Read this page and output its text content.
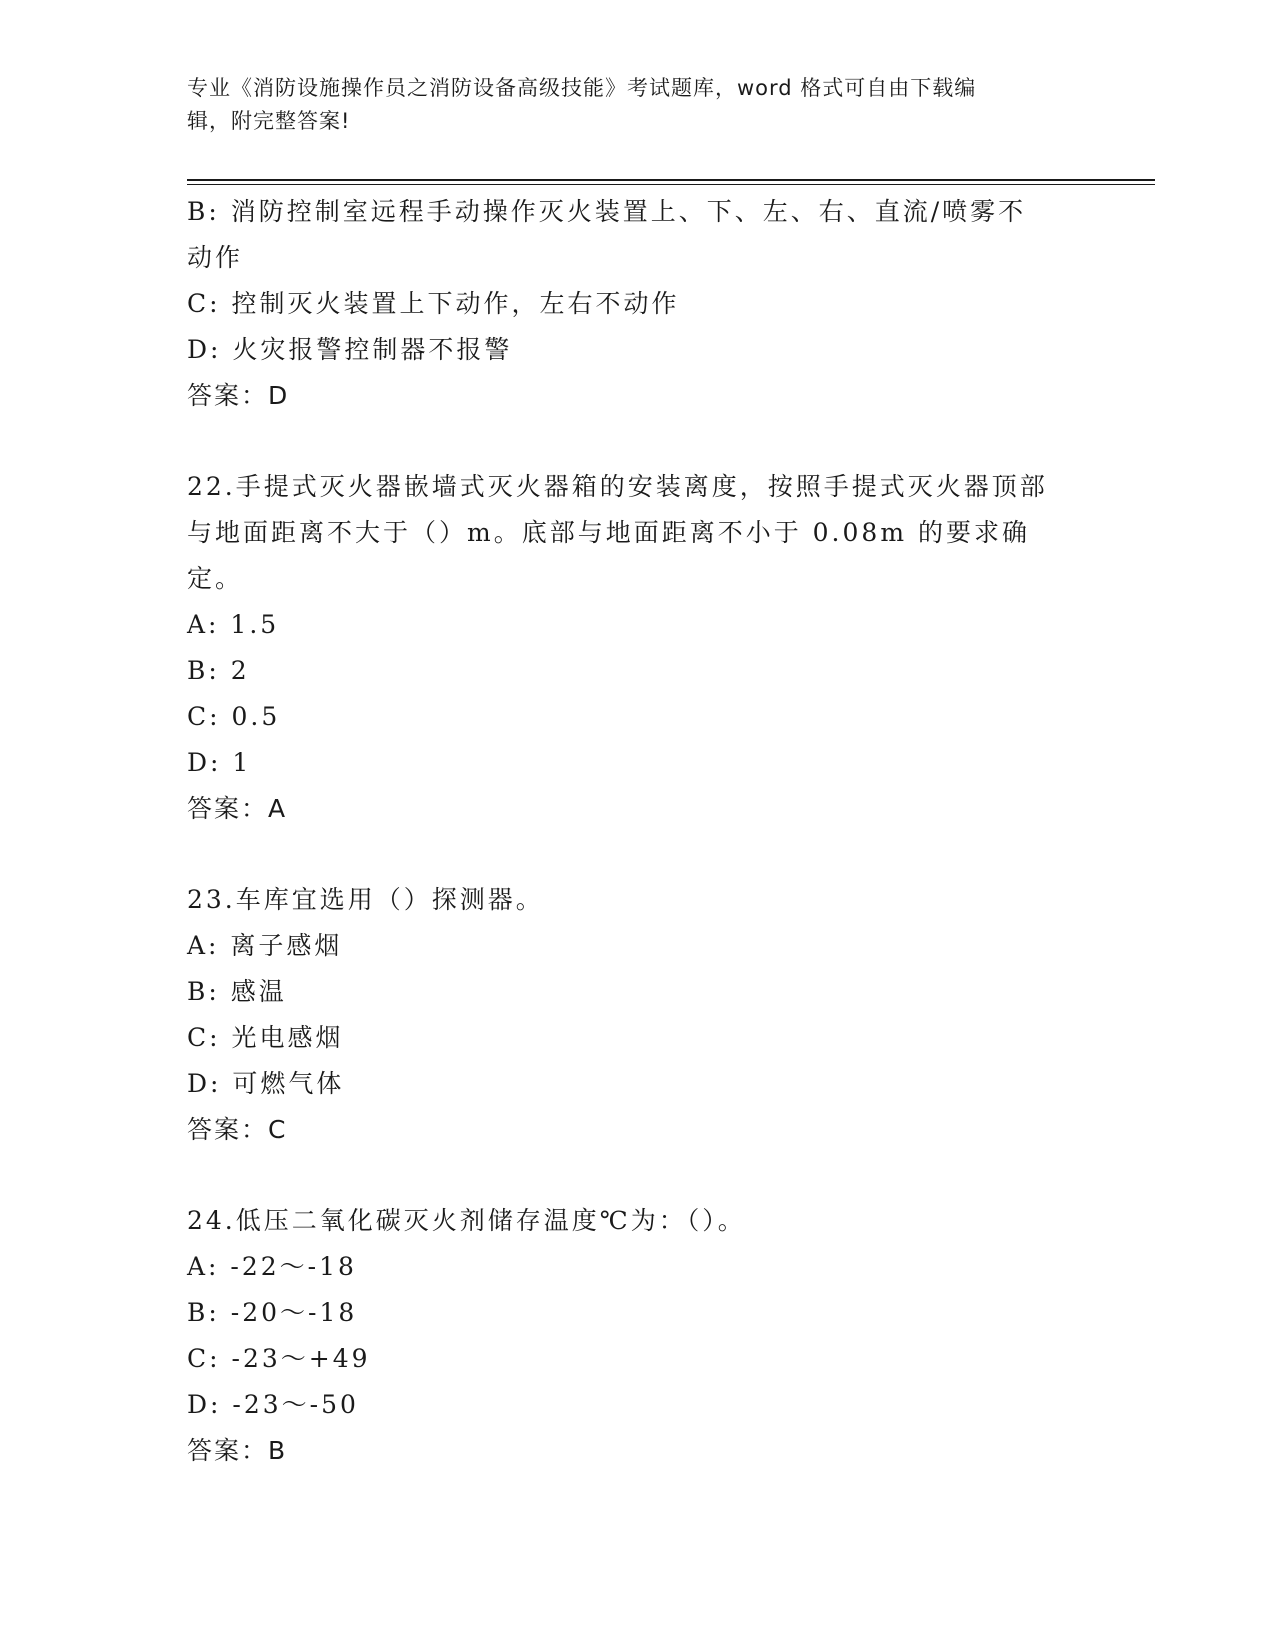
专业《消防设施操作员之消防设备高级技能》考试题库，word 格式可自由下载编
辑，附完整答案!

B: 消防控制室远程手动操作灭火装置上、下、左、右、直流/喷雾不

动作

C: 控制灭火装置上下动作，左右不动作

D: 火灾报警控制器不报警

答案：D

22.手提式灭火器嵌墙式灭火器箱的安装离度，按照手提式灭火器顶部

与地面距离不大于（）m。底部与地面距离不小于 0.08m 的要求确定。

A: 1.5

B: 2

C: 0.5

D: 1

答案：A

23.车库宜选用（）探测器。

A: 离子感烟

B: 感温

C: 光电感烟

D: 可燃气体

答案：C

24.低压二氧化碳灭火剂储存温度℃为：（）。

A: -22～-18

B: -20～-18

C: -23～+49

D: -23～-50

答案：B
